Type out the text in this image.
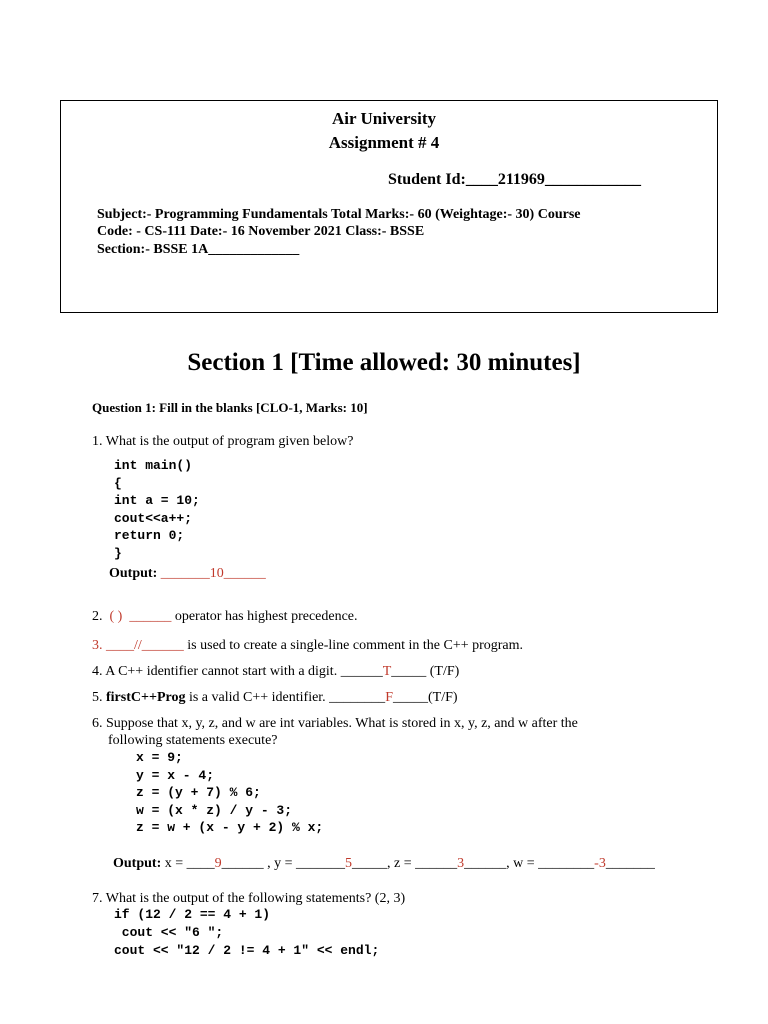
Air University
Assignment # 4
Student Id:____211969____________
Subject:- Programming Fundamentals Total Marks:- 60 (Weightage:- 30) Course
Code: - CS-111 Date:- 16 November 2021 Class:- BSSE
Section:- BSSE 1A_____________
Section 1 [Time allowed: 30 minutes]
Question 1: Fill in the blanks [CLO-1, Marks: 10]
1. What is the output of program given below?
int main()
{
int a = 10;
cout<<a++;
return 0;
}
Output: _______10______
2.  ( )  ______ operator has highest precedence.
3. ____//______ is used to create a single-line comment in the C++ program.
4. A C++ identifier cannot start with a digit. ______T_____ (T/F)
5. firstC++Prog is a valid C++ identifier. ________F_____(T/F)
6. Suppose that x, y, z, and w are int variables. What is stored in x, y, z, and w after the
following statements execute?
x = 9;
y = x - 4;
z = (y + 7) % 6;
w = (x * z) / y - 3;
z = w + (x - y + 2) % x;
Output: x = ____9______ , y = _______5_____, z = ______3______, w = ________-3_______
7. What is the output of the following statements? (2, 3)
if (12 / 2 == 4 + 1)
cout << "6 ";
cout << "12 / 2 != 4 + 1" << endl;
